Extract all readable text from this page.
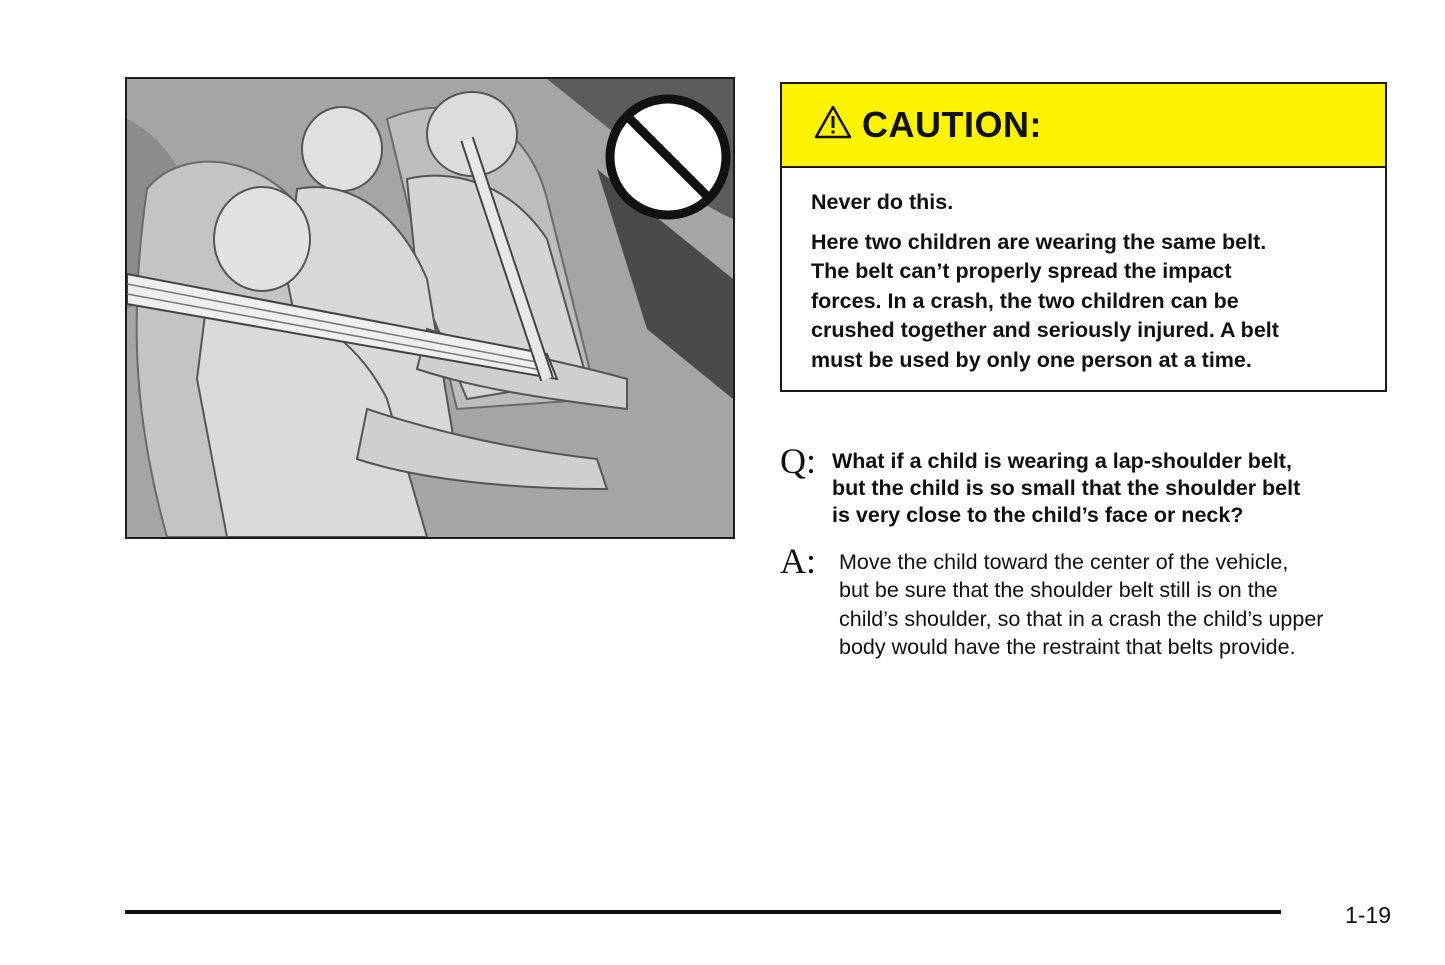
CAUTION:

Never do this.

Here two children are wearing the same belt.
The belt can’t properly spread the impact
forces. In a crash, the two children can be
crushed together and seriously injured. A belt
must be used by only one person at a time.

Q: What if a child is wearing a lap-shoulder belt,
but the child is so small that the shoulder belt
is very close to the child’s face or neck?
A: Move the child toward the center of the vehicle,
but be sure that the shoulder belt still is on the
child’s shoulder, so that in a crash the child’s upper
body would have the restraint that belts provide.
1-19
